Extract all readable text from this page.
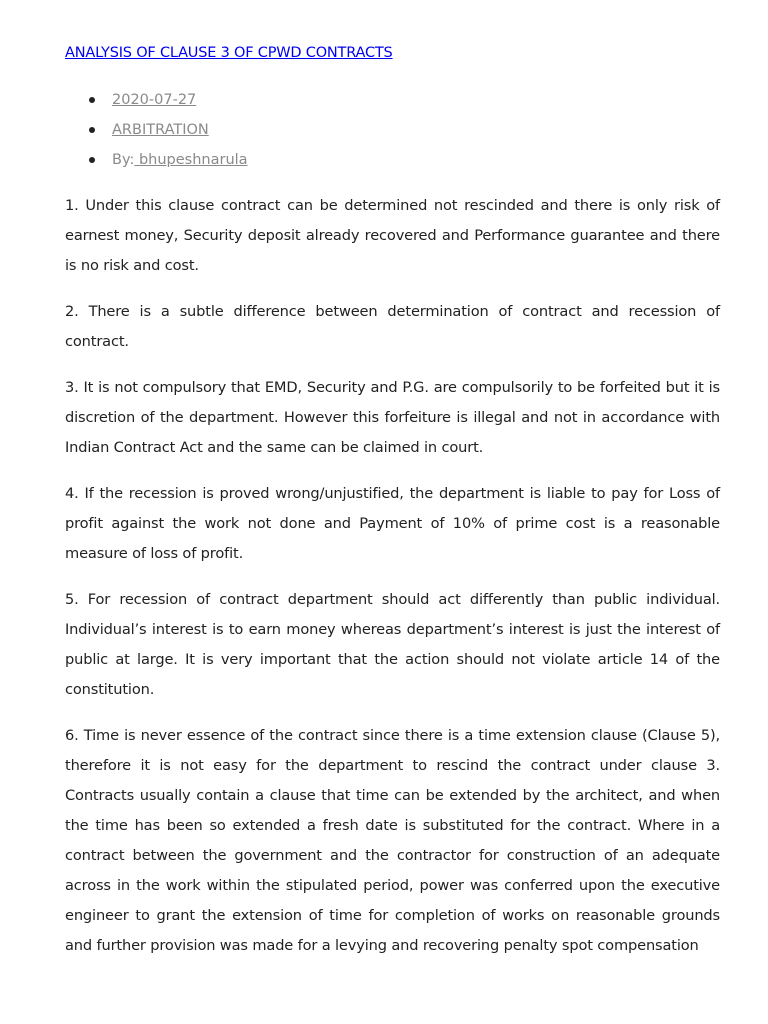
ANALYSIS OF CLAUSE 3 OF CPWD CONTRACTS
2020-07-27
ARBITRATION
By: bhupeshnarula

1. Under this clause contract can be determined not rescinded and there is only risk of earnest money, Security deposit already recovered and Performance guarantee and there is no risk and cost.

2. There is a subtle difference between determination of contract and recession of contract.

3. It is not compulsory that EMD, Security and P.G. are compulsorily to be forfeited but it is discretion of the department. However this forfeiture is illegal and not in accordance with Indian Contract Act and the same can be claimed in court.

4. If the recession is proved wrong/unjustified, the department is liable to pay for Loss of profit against the work not done and Payment of 10% of prime cost is a reasonable measure of loss of profit.

5. For recession of contract department should act differently than public individual. Individual’s interest is to earn money whereas department’s interest is just the interest of public at large. It is very important that the action should not violate article 14 of the constitution.

6. Time is never essence of the contract since there is a time extension clause (Clause 5), therefore it is not easy for the department to rescind the contract under clause 3. Contracts usually contain a clause that time can be extended by the architect, and when the time has been so extended a fresh date is substituted for the contract. Where in a contract between the government and the contractor for construction of an adequate across in the work within the stipulated period, power was conferred upon the executive engineer to grant the extension of time for completion of works on reasonable grounds and further provision was made for a levying and recovering penalty spot compensation
